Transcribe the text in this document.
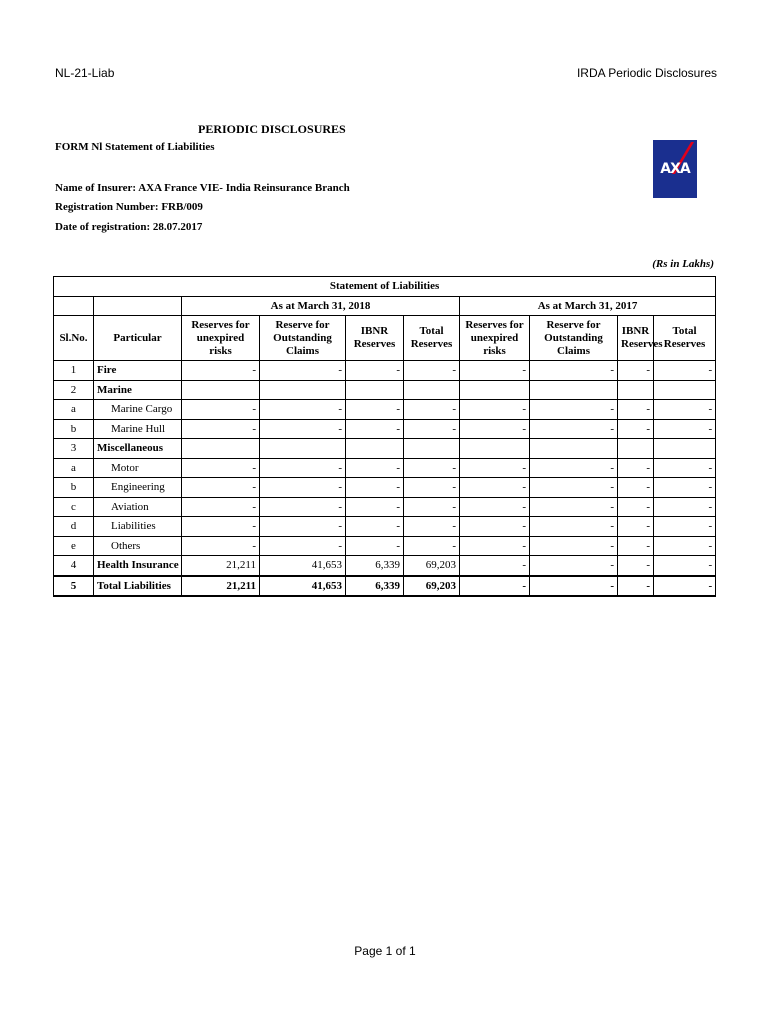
NL-21-Liab	IRDA Periodic Disclosures
PERIODIC DISCLOSURES
FORM Nl Statement of Liabilities
Name of Insurer: AXA France VIE- India Reinsurance Branch
Registration Number: FRB/009
Date of registration: 28.07.2017
AXA
(Rs in Lakhs)
Statement of Liabilities									
		As at March 31, 2018				As at March 31, 2017			
Sl.No.	Particular	Reserves for unexpired risks	Reserve for Outstanding Claims	IBNR Reserves	Total Reserves	Reserves for unexpired risks	Reserve for Outstanding Claims	IBNR Reserves	Total Reserves
1	Fire	-	-	-	-	-	-	-	-
2	Marine								
a	Marine Cargo	-	-	-	-	-	-	-	-
b	Marine Hull	-	-	-	-	-	-	-	-
3	Miscellaneous								
a	Motor	-	-	-	-	-	-	-	-
b	Engineering	-	-	-	-	-	-	-	-
c	Aviation	-	-	-	-	-	-	-	-
d	Liabilities	-	-	-	-	-	-	-	-
e	Others	-	-	-	-	-	-	-	-
4	Health Insurance	21,211	41,653	6,339	69,203	-	-	-	-
5	Total Liabilities	21,211	41,653	6,339	69,203	-	-	-	-
Page 1 of 1
